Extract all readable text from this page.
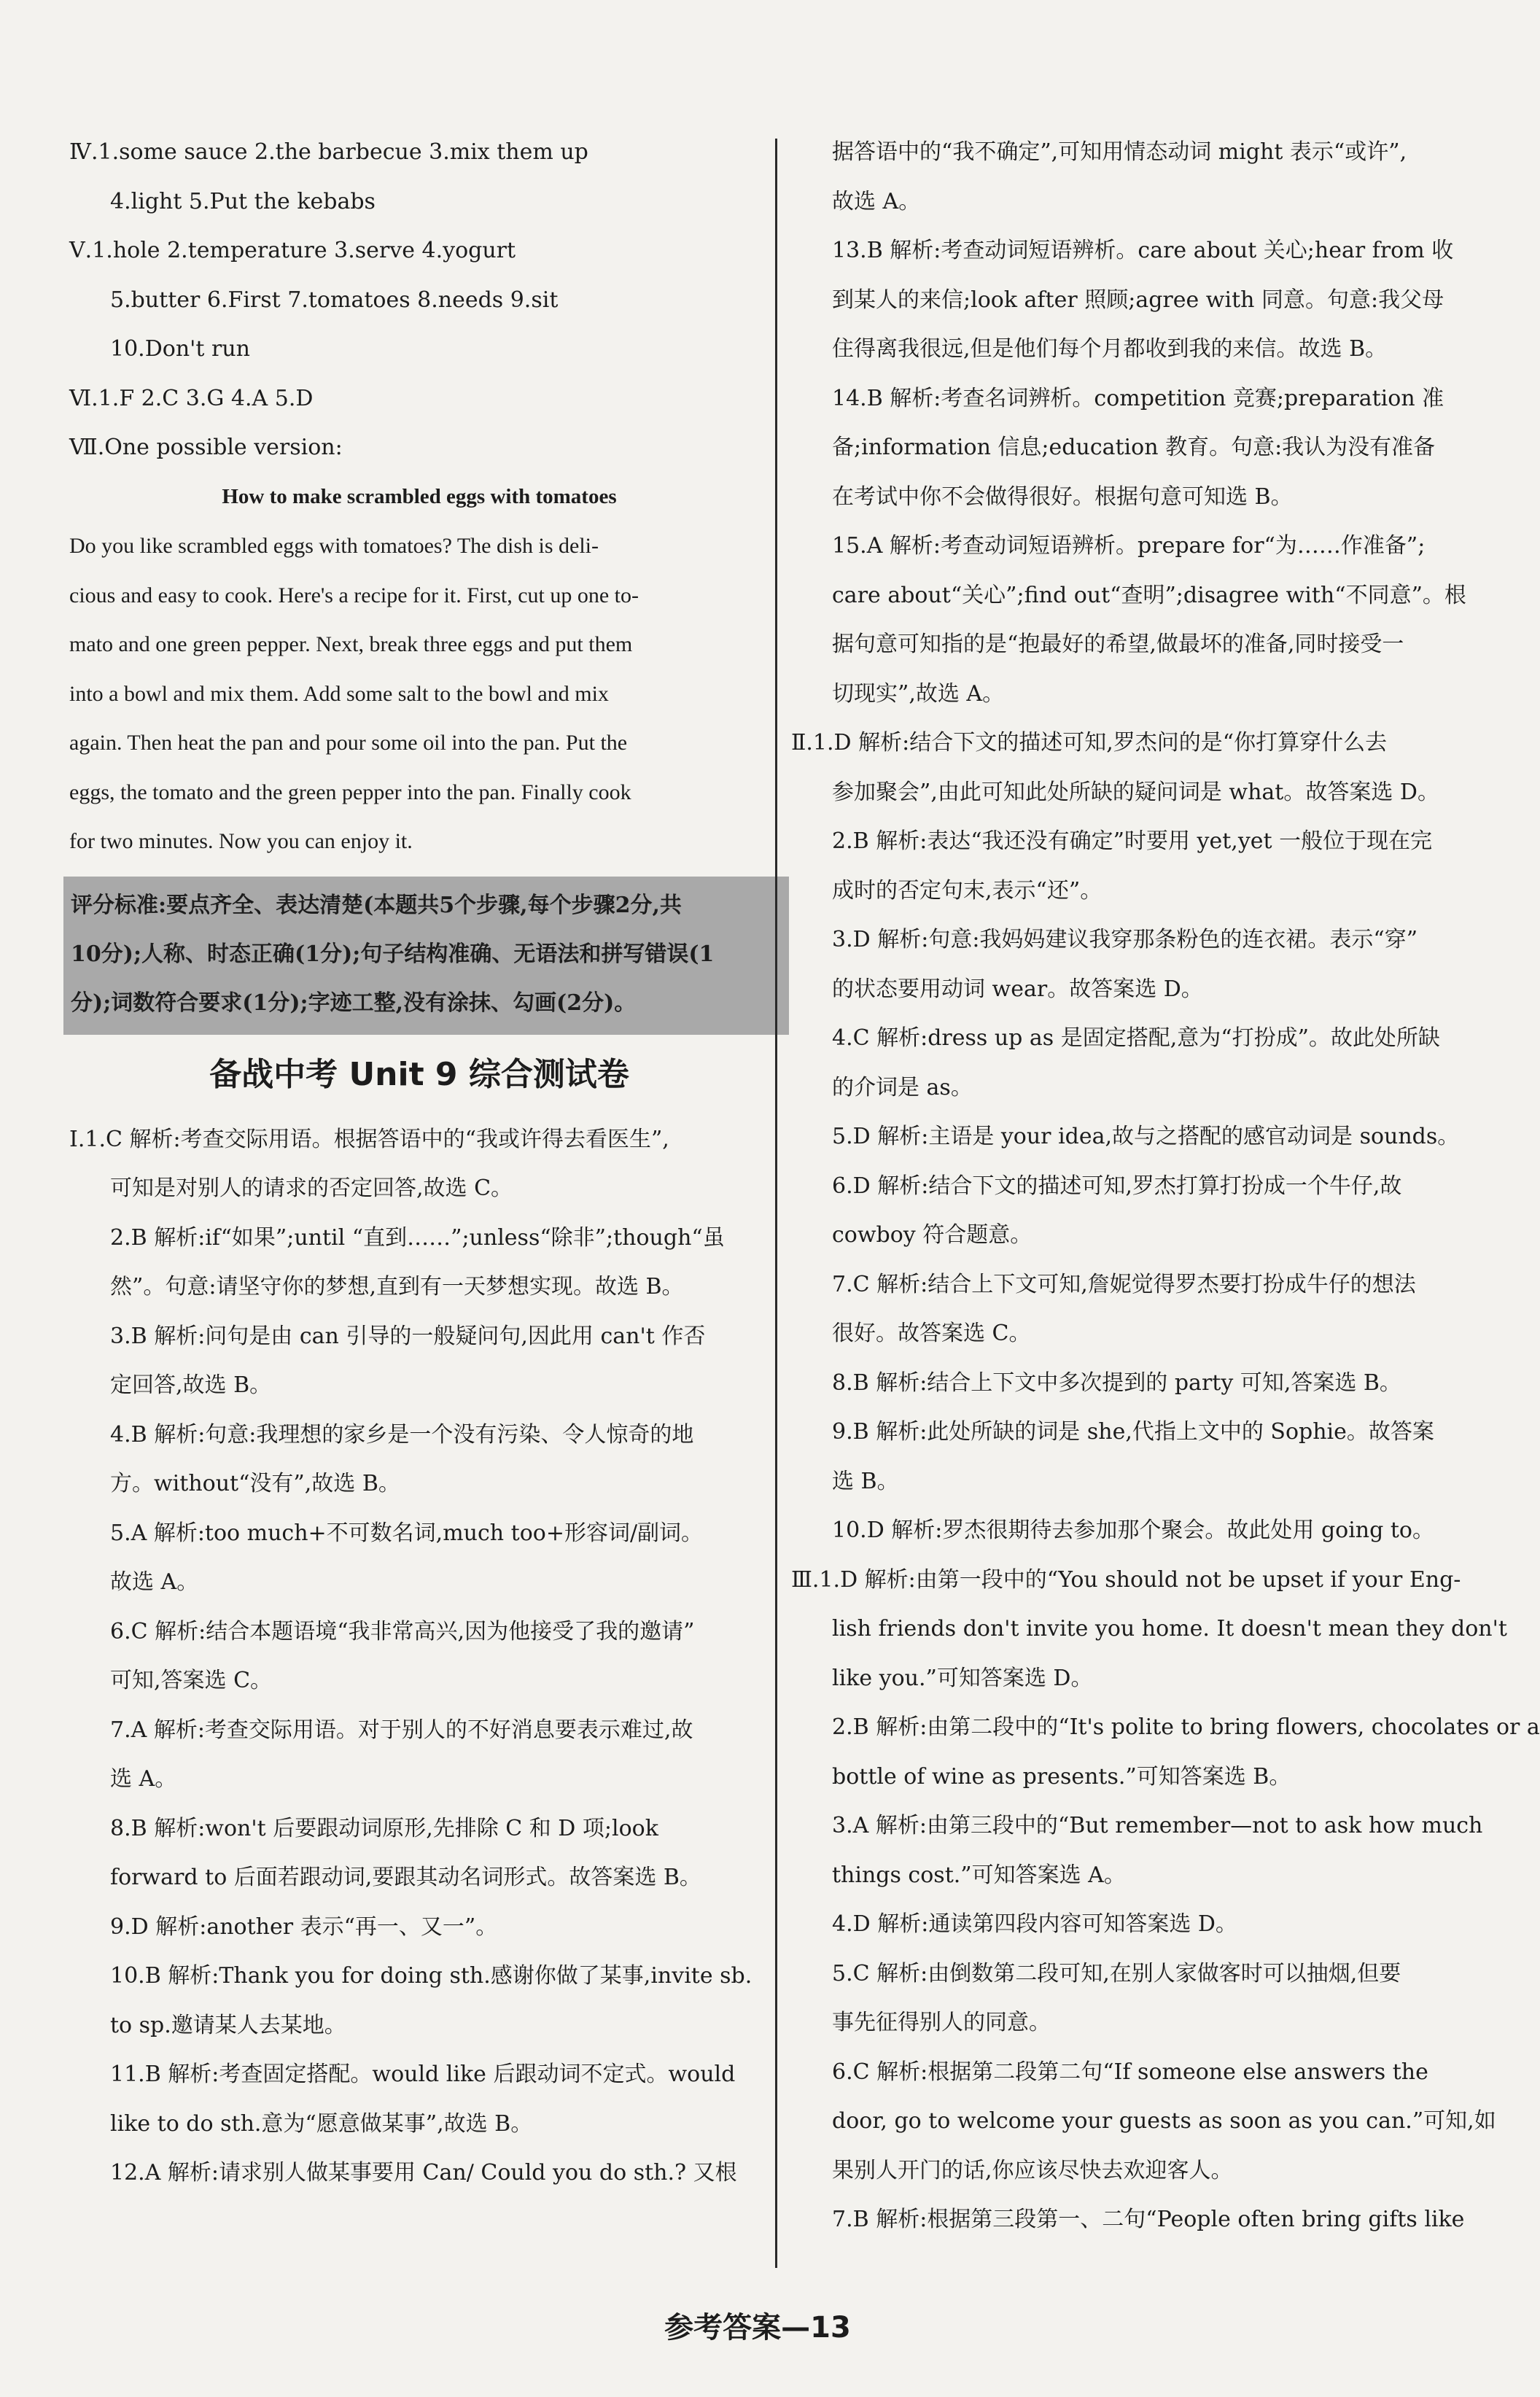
Ⅳ.1.some sauce 2.the barbecue 3.mix them up
4.light 5.Put the kebabs
Ⅴ.1.hole 2.temperature 3.serve 4.yogurt
5.butter 6.First 7.tomatoes 8.needs 9.sit
10.Don't run
Ⅵ.1.F 2.C 3.G 4.A 5.D
Ⅶ.One possible version:
How to make scrambled eggs with tomatoes
Do you like scrambled eggs with tomatoes? The dish is deli-
cious and easy to cook. Here's a recipe for it. First, cut up one to-
mato and one green pepper. Next, break three eggs and put them
into a bowl and mix them. Add some salt to the bowl and mix
again. Then heat the pan and pour some oil into the pan. Put the
eggs, the tomato and the green pepper into the pan. Finally cook
for two minutes. Now you can enjoy it.
评分标准:要点齐全、表达清楚(本题共5个步骤,每个步骤2分,共
10分);人称、时态正确(1分);句子结构准确、无语法和拼写错误(1
分);词数符合要求(1分);字迹工整,没有涂抹、勾画(2分)。
备战中考 Unit 9 综合测试卷
Ⅰ.1.C 解析:考查交际用语。根据答语中的“我或许得去看医生”,
可知是对别人的请求的否定回答,故选 C。
2.B 解析:if“如果”;until “直到……”;unless“除非”;though“虽
然”。句意:请坚守你的梦想,直到有一天梦想实现。故选 B。
3.B 解析:问句是由 can 引导的一般疑问句,因此用 can't 作否
定回答,故选 B。
4.B 解析:句意:我理想的家乡是一个没有污染、令人惊奇的地
方。without“没有”,故选 B。
5.A 解析:too much+不可数名词,much too+形容词/副词。
故选 A。
6.C 解析:结合本题语境“我非常高兴,因为他接受了我的邀请”
可知,答案选 C。
7.A 解析:考查交际用语。对于别人的不好消息要表示难过,故
选 A。
8.B 解析:won't 后要跟动词原形,先排除 C 和 D 项;look
forward to 后面若跟动词,要跟其动名词形式。故答案选 B。
9.D 解析:another 表示“再一、又一”。
10.B 解析:Thank you for doing sth.感谢你做了某事,invite sb.
to sp.邀请某人去某地。
11.B 解析:考查固定搭配。would like 后跟动词不定式。would
like to do sth.意为“愿意做某事”,故选 B。
12.A 解析:请求别人做某事要用 Can/ Could you do sth.? 又根
据答语中的“我不确定”,可知用情态动词 might 表示“或许”,
故选 A。
13.B 解析:考查动词短语辨析。care about 关心;hear from 收
到某人的来信;look after 照顾;agree with 同意。句意:我父母
住得离我很远,但是他们每个月都收到我的来信。故选 B。
14.B 解析:考查名词辨析。competition 竞赛;preparation 准
备;information 信息;education 教育。句意:我认为没有准备
在考试中你不会做得很好。根据句意可知选 B。
15.A 解析:考查动词短语辨析。prepare for“为……作准备”;
care about“关心”;find out“查明”;disagree with“不同意”。根
据句意可知指的是“抱最好的希望,做最坏的准备,同时接受一
切现实”,故选 A。
Ⅱ.1.D 解析:结合下文的描述可知,罗杰问的是“你打算穿什么去
参加聚会”,由此可知此处所缺的疑问词是 what。故答案选 D。
2.B 解析:表达“我还没有确定”时要用 yet,yet 一般位于现在完
成时的否定句末,表示“还”。
3.D 解析:句意:我妈妈建议我穿那条粉色的连衣裙。表示“穿”
的状态要用动词 wear。故答案选 D。
4.C 解析:dress up as 是固定搭配,意为“打扮成”。故此处所缺
的介词是 as。
5.D 解析:主语是 your idea,故与之搭配的感官动词是 sounds。
6.D 解析:结合下文的描述可知,罗杰打算打扮成一个牛仔,故
cowboy 符合题意。
7.C 解析:结合上下文可知,詹妮觉得罗杰要打扮成牛仔的想法
很好。故答案选 C。
8.B 解析:结合上下文中多次提到的 party 可知,答案选 B。
9.B 解析:此处所缺的词是 she,代指上文中的 Sophie。故答案
选 B。
10.D 解析:罗杰很期待去参加那个聚会。故此处用 going to。
Ⅲ.1.D 解析:由第一段中的“You should not be upset if your Eng-
lish friends don't invite you home. It doesn't mean they don't
like you.”可知答案选 D。
2.B 解析:由第二段中的“It's polite to bring flowers, chocolates or a
bottle of wine as presents.”可知答案选 B。
3.A 解析:由第三段中的“But remember—not to ask how much
things cost.”可知答案选 A。
4.D 解析:通读第四段内容可知答案选 D。
5.C 解析:由倒数第二段可知,在别人家做客时可以抽烟,但要
事先征得别人的同意。
6.C 解析:根据第二段第二句“If someone else answers the
door, go to welcome your guests as soon as you can.”可知,如
果别人开门的话,你应该尽快去欢迎客人。
7.B 解析:根据第三段第一、二句“People often bring gifts like
参考答案—13
